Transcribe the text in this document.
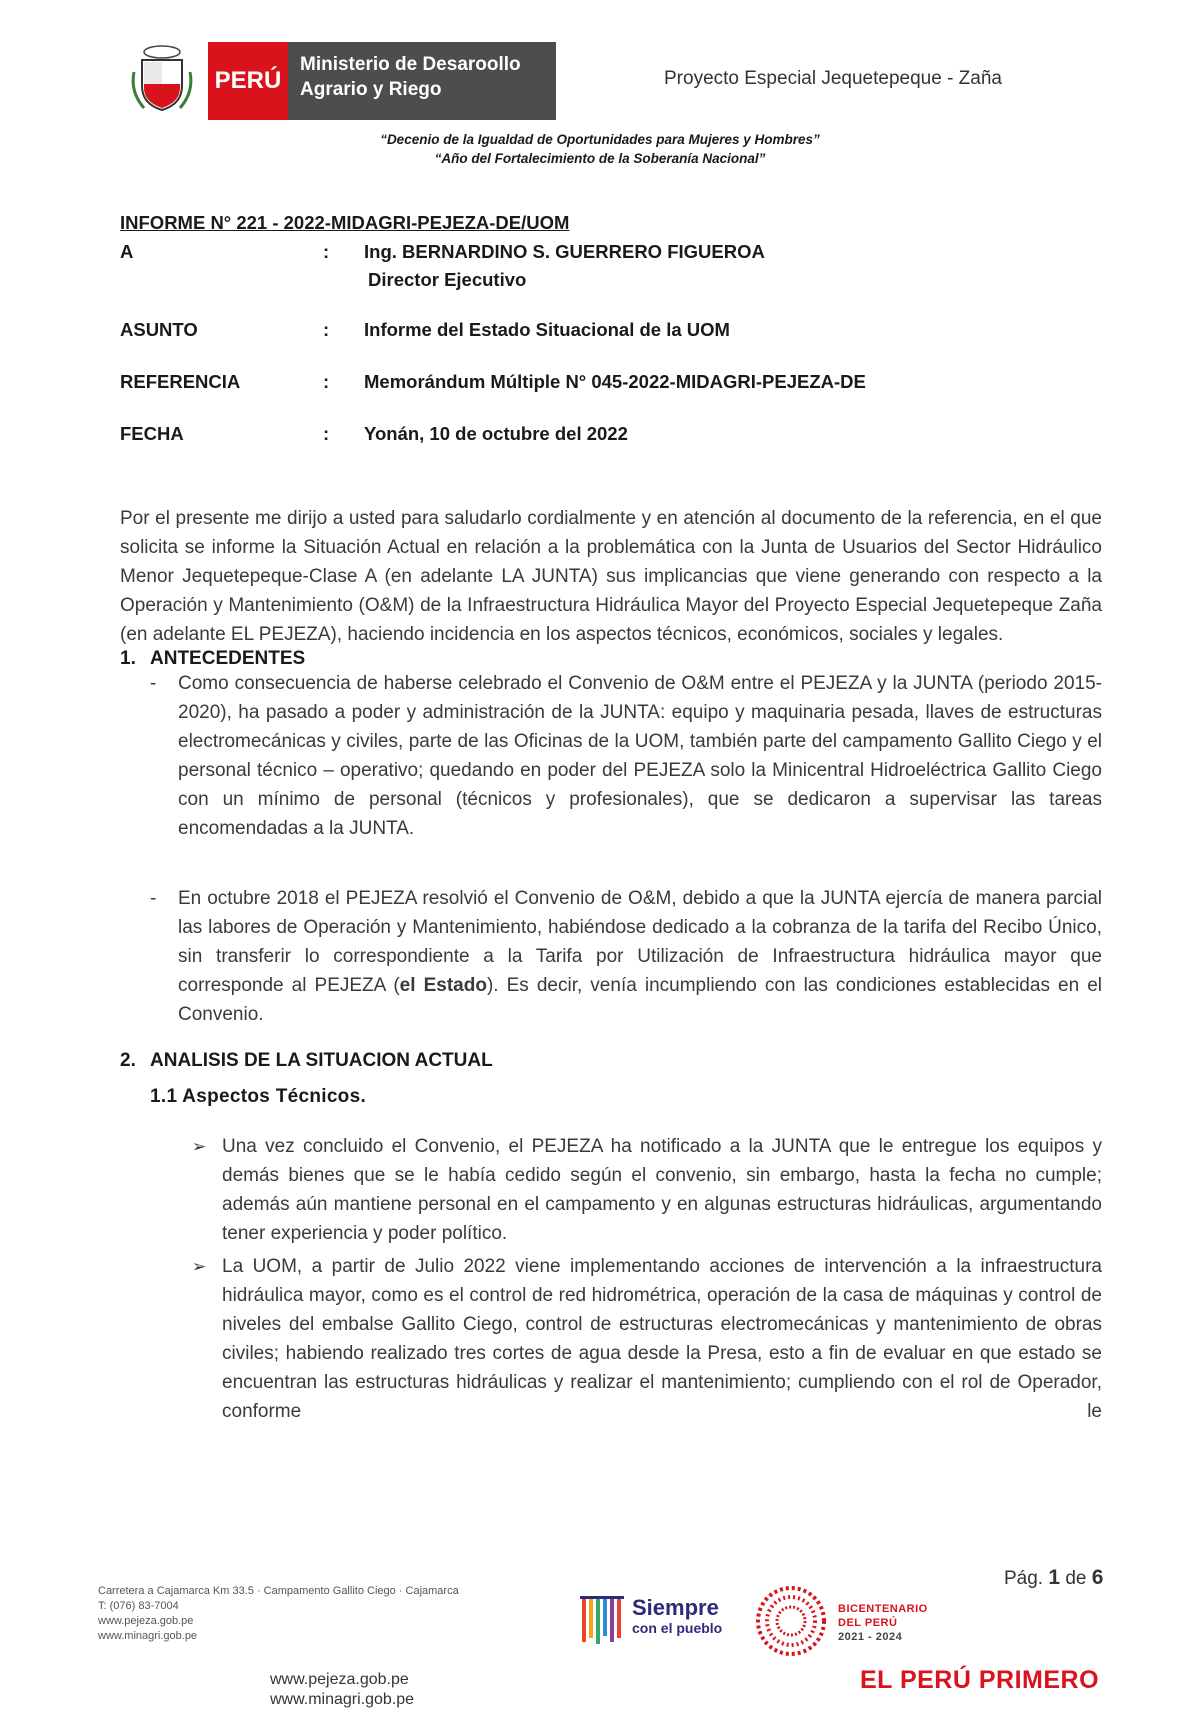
PERÚ
Ministerio de Desaroollo
Agrario y Riego
Proyecto Especial Jequetepeque - Zaña
“Decenio de la Igualdad de Oportunidades para Mujeres y Hombres”
“Año del Fortalecimiento de la Soberanía Nacional”
INFORME N° 221 - 2022-MIDAGRI-PEJEZA-DE/UOM
A	: Ing. BERNARDINO S. GUERRERO FIGUEROA
Director Ejecutivo
ASUNTO	: Informe del Estado Situacional de la UOM
REFERENCIA	: Memorándum Múltiple N° 045-2022-MIDAGRI-PEJEZA-DE
FECHA	: Yonán, 10 de octubre del 2022

Por el presente me dirijo a usted para saludarlo cordialmente y en atención al documento de la referencia, en el que solicita se informe la Situación Actual en relación a la problemática con la Junta de Usuarios del Sector Hidráulico Menor Jequetepeque-Clase A (en adelante LA JUNTA) sus implicancias que viene generando con respecto a la Operación y Mantenimiento (O&M) de la Infraestructura Hidráulica Mayor del Proyecto Especial Jequetepeque Zaña (en adelante EL PEJEZA), haciendo incidencia en los aspectos técnicos, económicos, sociales y legales.

1. ANTECEDENTES
- Como consecuencia de haberse celebrado el Convenio de O&M entre el PEJEZA y la JUNTA (periodo 2015-2020), ha pasado a poder y administración de la JUNTA: equipo y maquinaria pesada, llaves de estructuras electromecánicas y civiles, parte de las Oficinas de la UOM, también parte del campamento Gallito Ciego y el personal técnico – operativo; quedando en poder del PEJEZA solo la Minicentral Hidroeléctrica Gallito Ciego con un mínimo de personal (técnicos y profesionales), que se dedicaron a supervisar las tareas encomendadas a la JUNTA.

- En octubre 2018 el PEJEZA resolvió el Convenio de O&M, debido a que la JUNTA ejercía de manera parcial las labores de Operación y Mantenimiento, habiéndose dedicado a la cobranza de la tarifa del Recibo Único, sin transferir lo correspondiente a la Tarifa por Utilización de Infraestructura hidráulica mayor que corresponde al PEJEZA (el Estado). Es decir, venía incumpliendo con las condiciones establecidas en el Convenio.

2. ANALISIS DE LA SITUACION ACTUAL
1.1 Aspectos Técnicos.
➢ Una vez concluido el Convenio, el PEJEZA ha notificado a la JUNTA que le entregue los equipos y demás bienes que se le había cedido según el convenio, sin embargo, hasta la fecha no cumple; además aún mantiene personal en el campamento y en algunas estructuras hidráulicas, argumentando tener experiencia y poder político.

➢ La UOM, a partir de Julio 2022 viene implementando acciones de intervención a la infraestructura hidráulica mayor, como es el control de red hidrométrica, operación de la casa de máquinas y control de niveles del embalse Gallito Ciego, control de estructuras electromecánicas y mantenimiento de obras civiles; habiendo realizado tres cortes de agua desde la Presa, esto a fin de evaluar en que estado se encuentran las estructuras hidráulicas y realizar el mantenimiento; cumpliendo con el rol de Operador, conforme le

Carretera a Cajamarca Km 33.5 · Campamento Gallito Ciego · Cajamarca
T: (076) 83-7004
www.pejeza.gob.pe
www.minagri.gob.pe
Pág. 1 de 6
Siempre
con el pueblo
BICENTENARIO
DEL PERÚ
2021 - 2024
EL PERÚ PRIMERO
www.pejeza.gob.pe
www.minagri.gob.pe
